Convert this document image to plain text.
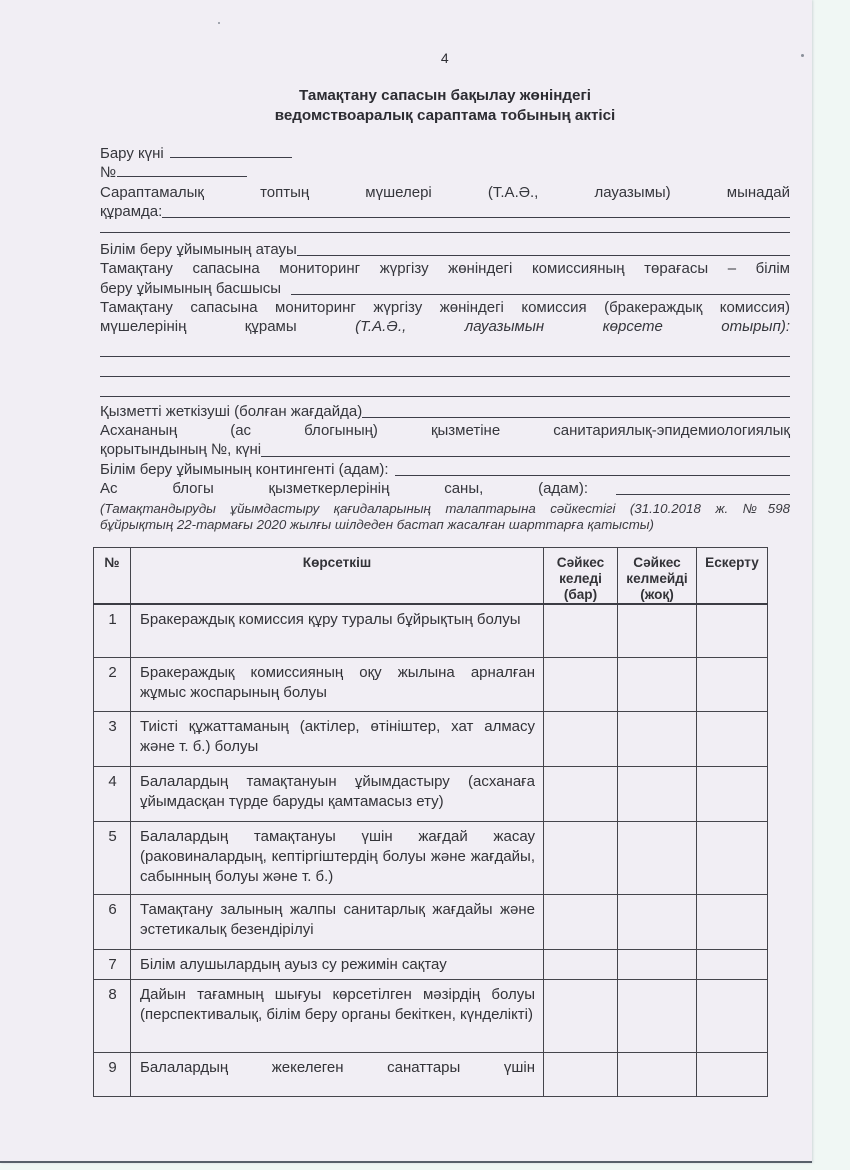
4
Тамақтану сапасын бақылау жөніндегі
ведомствоаралық сараптама тобының актісі
Бару күні
№
Сараптамалық топтың мүшелері (Т.А.Ә., лауазымы) мынадай
құрамда:
Білім беру ұйымының атауы
Тамақтану сапасына мониторинг жүргізу жөніндегі комиссияның төрағасы – білім
беру ұйымының басшысы
Тамақтану сапасына мониторинг жүргізу жөніндегі комиссия (бракераждық комиссия)
мүшелерінің құрамы	(Т.А.Ә., лауазымын көрсете отырып):
Қызметті жеткізуші (болған жағдайда)
Асхананың (ас блогының) қызметіне санитариялық-эпидемиологиялық
қорытындының №, күні
Білім беру ұйымының контингенті (адам):
Ас блогы қызметкерлерінің саны, (адам):
(Тамақтандыруды ұйымдастыру қағидаларының талаптарына сәйкестігі (31.10.2018 ж. №598
бұйрықтың 22-тармағы 2020 жылғы шілдеден бастап жасалған шарттарға қатысты)
№	Көрсеткіш	Сәйкес келеді (бар)	Сәйкес келмейді (жоқ)	Ескерту
1	Бракераждық комиссия құру туралы бұйрықтың болуы			
2	Бракераждық комиссияның оқу жылына арналған жұмыс жоспарының болуы			
3	Тиісті құжаттаманың (актілер, өтініштер, хат алмасу және т. б.) болуы			
4	Балалардың тамақтануын ұйымдастыру (асханаға ұйымдасқан түрде баруды қамтамасыз ету)			
5	Балалардың тамақтануы үшін жағдай жасау (раковиналардың, кептіргіштердің болуы және жағдайы, сабынның болуы және т. б.)			
6	Тамақтану залының жалпы санитарлық жағдайы және эстетикалық безендірілуі			
7	Білім алушылардың ауыз су режимін сақтау			
8	Дайын тағамның шығуы көрсетілген мәзірдің болуы (перспективалық, білім беру органы бекіткен, күнделікті)			
9	Балалардың жекелеген санаттары үшін			
